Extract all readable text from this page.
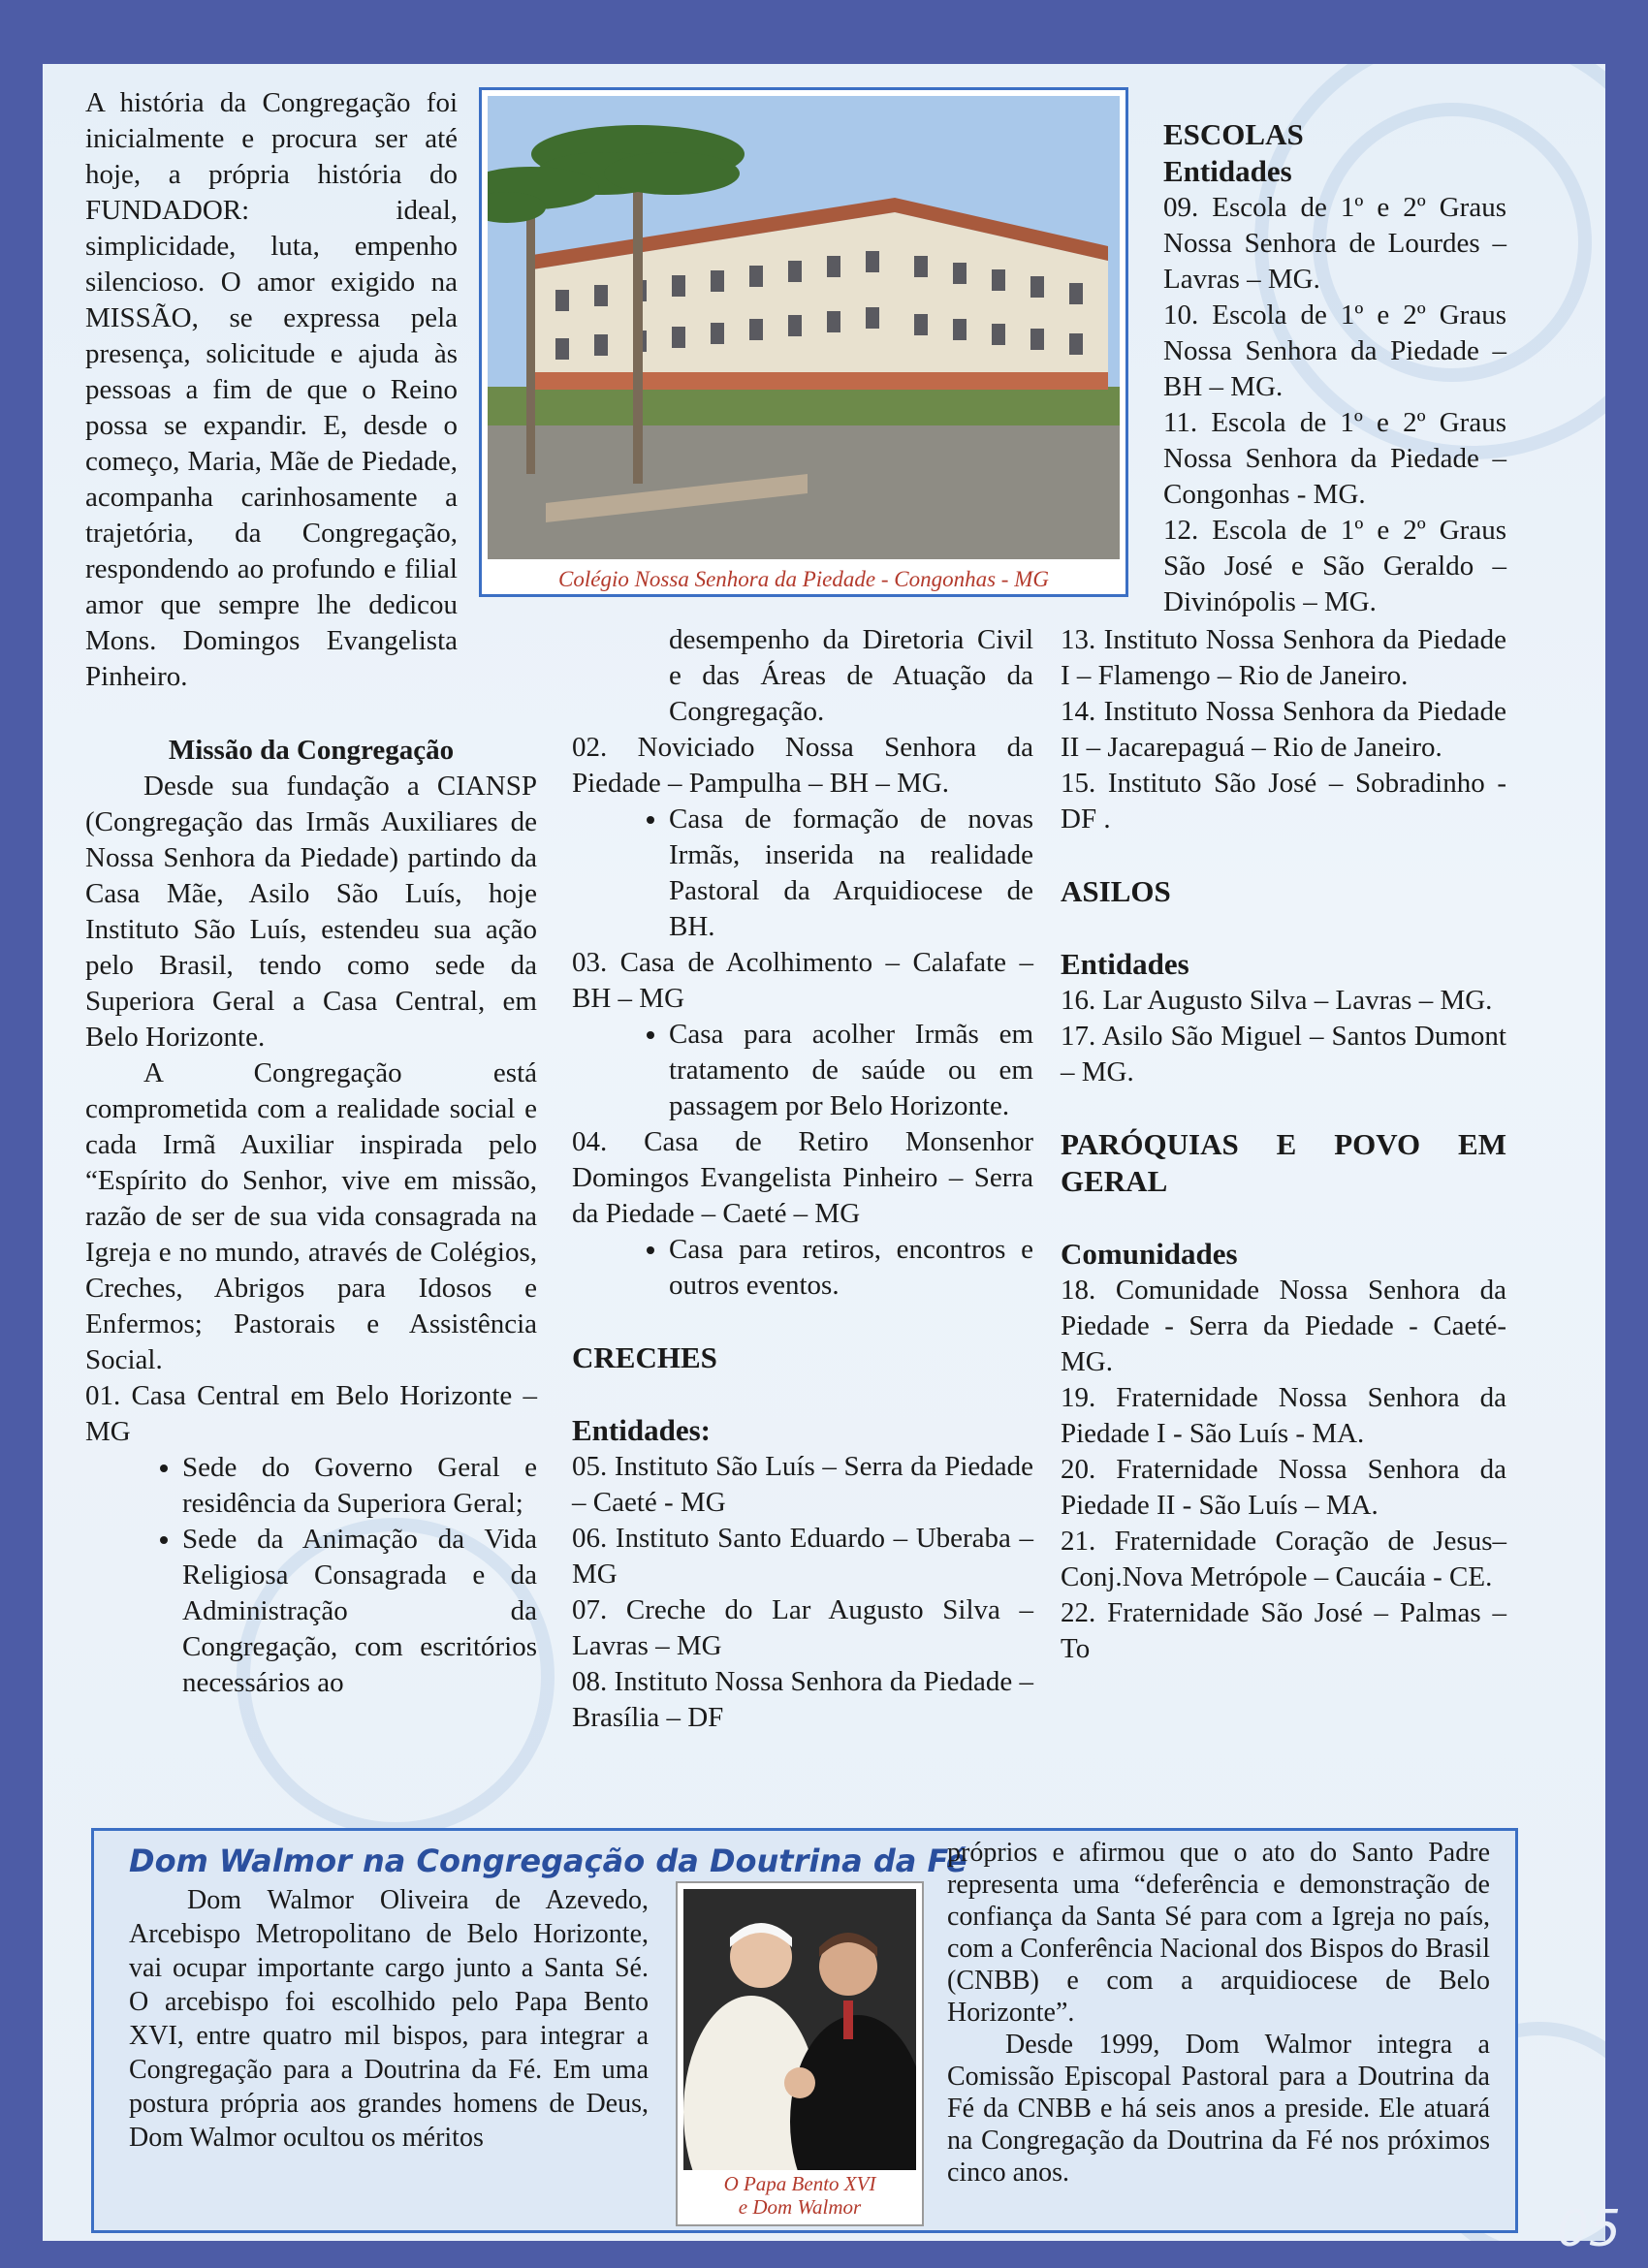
A história da Congregação foi inicialmente e procura ser até hoje, a própria história do FUNDADOR: ideal, simplicidade, luta, empenho silencioso. O amor exigido na MISSÃO, se expressa pela presença, solicitude e ajuda às pessoas a fim de que o Reino possa se expandir. E, desde o começo, Maria, Mãe de Piedade, acompanha carinhosamente a trajetória, da Congregação, respondendo ao profundo e filial amor que sempre lhe dedicou Mons. Domingos Evangelista Pinheiro.

Missão da Congregação

Desde sua fundação a CIANSP (Congregação das Irmãs Auxiliares de Nossa Senhora da Piedade) partindo da Casa Mãe, Asilo São Luís, hoje Instituto São Luís, estendeu sua ação pelo Brasil, tendo como sede da Superiora Geral a Casa Central, em Belo Horizonte.

A Congregação está comprometida com a realidade social e cada Irmã Auxiliar inspirada pelo “Espírito do Senhor, vive em missão, razão de ser de sua vida consagrada na Igreja e no mundo, através de Colégios, Creches, Abrigos para Idosos e Enfermos; Pastorais e Assistência Social.

01. Casa Central em Belo Horizonte – MG

• Sede do Governo Geral e residência da Superiora Geral;
• Sede da Animação da Vida Religiosa Consagrada e da Administração da Congregação, com escritórios necessários ao
Colégio Nossa Senhora da Piedade - Congonhas - MG

desempenho da Diretoria Civil e das Áreas de Atuação da Congregação.

02. Noviciado Nossa Senhora da Piedade – Pampulha – BH – MG.

• Casa de formação de novas Irmãs, inserida na realidade Pastoral da Arquidiocese de BH.

03. Casa de Acolhimento – Calafate – BH – MG

• Casa para acolher Irmãs em tratamento de saúde ou em passagem por Belo Horizonte.

04. Casa de Retiro Monsenhor Domingos Evangelista Pinheiro – Serra da Piedade – Caeté – MG

• Casa para retiros, encontros e outros eventos.

CRECHES

Entidades:

05. Instituto São Luís – Serra da Piedade – Caeté - MG

06. Instituto Santo Eduardo – Uberaba – MG

07. Creche do Lar Augusto Silva – Lavras – MG

08. Instituto Nossa Senhora da Piedade – Brasília – DF

ESCOLAS

Entidades

09. Escola de 1º e 2º Graus Nossa Senhora de Lourdes – Lavras – MG.

10. Escola de 1º e 2º Graus Nossa Senhora da Piedade – BH – MG.

11. Escola de 1º e 2º Graus Nossa Senhora da Piedade – Congonhas - MG.

12. Escola de 1º e 2º Graus São José e São Geraldo – Divinópolis – MG.

13. Instituto Nossa Senhora da Piedade I – Flamengo – Rio de Janeiro.

14. Instituto Nossa Senhora da Piedade II – Jacarepaguá – Rio de Janeiro.

15. Instituto São José – Sobradinho - DF .

ASILOS

Entidades

16. Lar Augusto Silva – Lavras – MG.

17. Asilo São Miguel – Santos Dumont – MG.

PARÓQUIAS E POVO EM GERAL

Comunidades

18. Comunidade Nossa Senhora da Piedade - Serra da Piedade - Caeté-MG.

19. Fraternidade Nossa Senhora da Piedade I - São Luís - MA.

20. Fraternidade Nossa Senhora da Piedade II - São Luís – MA.

21. Fraternidade Coração de Jesus–Conj.Nova Metrópole – Caucáia - CE.

22. Fraternidade São José – Palmas – To

Dom Walmor na Congregação da Doutrina da Fé

Dom Walmor Oliveira de Azevedo, Arcebispo Metropolitano de Belo Horizonte, vai ocupar importante cargo junto a Santa Sé. O arcebispo foi escolhido pelo Papa Bento XVI, entre quatro mil bispos, para integrar a Congregação para a Doutrina da Fé. Em uma postura própria aos grandes homens de Deus, Dom Walmor ocultou os méritos

O Papa Bento XVI
e Dom Walmor

próprios e afirmou que o ato do Santo Padre representa uma “deferência e demonstração de confiança da Santa Sé para com a Igreja no país, com a Conferência Nacional dos Bispos do Brasil (CNBB) e com a arquidiocese de Belo Horizonte”.

Desde 1999, Dom Walmor integra a Comissão Episcopal Pastoral para a Doutrina da Fé da CNBB e há seis anos a preside. Ele atuará na Congregação da Doutrina da Fé nos próximos cinco anos.

05
